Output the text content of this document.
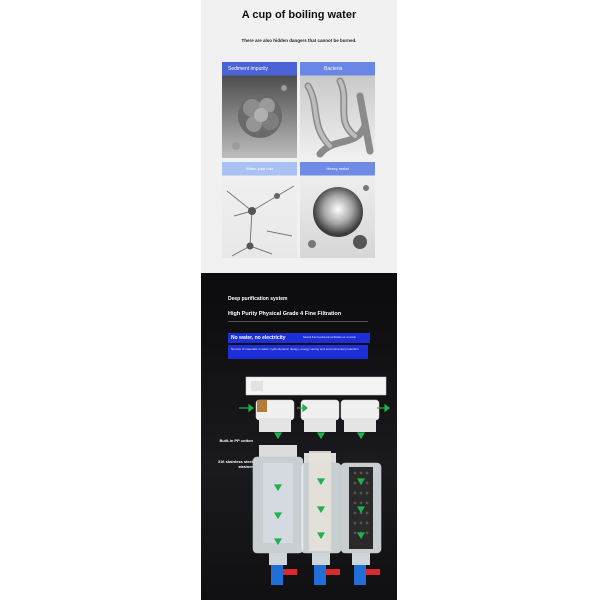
A cup of boiling water
There are also hidden dangers that cannot be burned.
Sediment impurity	Bacteria
Water pipe rust	Heavy metal
Deep purification system
High Purity Physical Grade 4 Fine Filtration
No water, no electricity	Natural fluid mechanical purification at no waste
No loss of materials in water: hydrodynamic design, energy saving and environmental protection
Built-in PP cotton
316 stainless steel strainer
